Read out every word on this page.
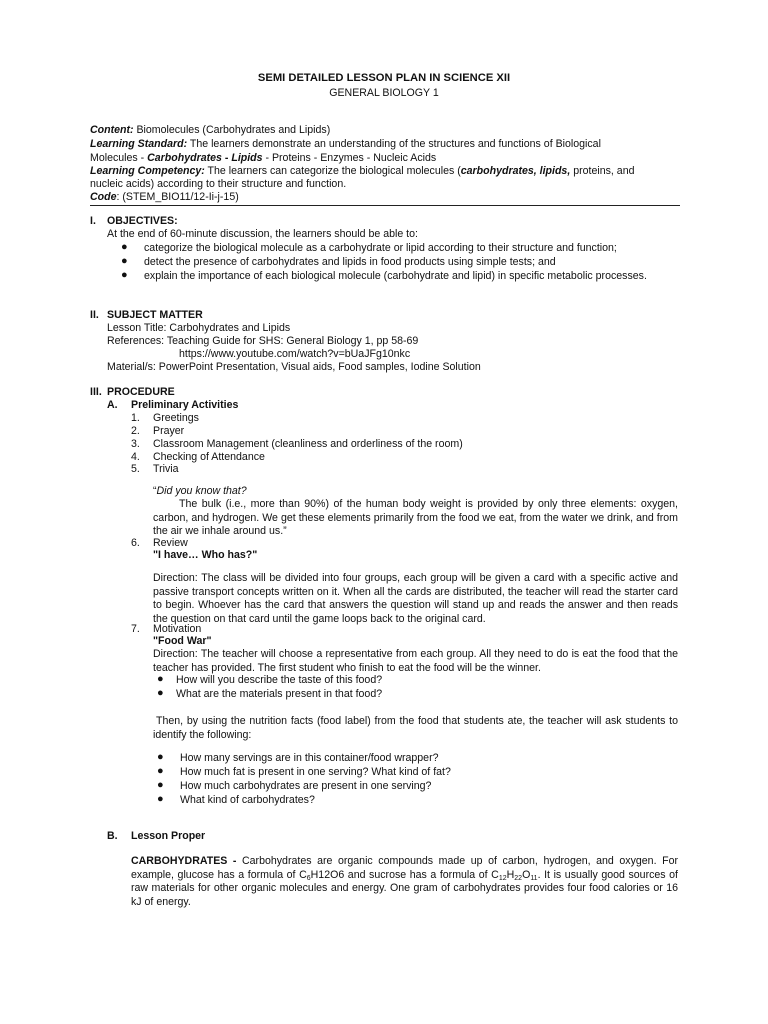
SEMI DETAILED LESSON PLAN IN SCIENCE XII
GENERAL BIOLOGY 1
Content: Biomolecules (Carbohydrates and Lipids)
Learning Standard: The learners demonstrate an understanding of the structures and functions of Biological
Molecules - Carbohydrates - Lipids - Proteins - Enzymes - Nucleic Acids
Learning Competency: The learners can categorize the biological molecules (carbohydrates, lipids, proteins, and
nucleic acids) according to their structure and function.
Code: (STEM_BIO11/12-Ii-j-15)
I. OBJECTIVES:
At the end of 60-minute discussion, the learners should be able to:
● categorize the biological molecule as a carbohydrate or lipid according to their structure and function;
● detect the presence of carbohydrates and lipids in food products using simple tests; and
● explain the importance of each biological molecule (carbohydrate and lipid) in specific metabolic processes.
II. SUBJECT MATTER
Lesson Title: Carbohydrates and Lipids
References: Teaching Guide for SHS: General Biology 1, pp 58-69
https://www.youtube.com/watch?v=bUaJFg10nkc
Material/s: PowerPoint Presentation, Visual aids, Food samples, Iodine Solution
III. PROCEDURE
A. Preliminary Activities
1. Greetings
2. Prayer
3. Classroom Management (cleanliness and orderliness of the room)
4. Checking of Attendance
5. Trivia
“Did you know that?
The bulk (i.e., more than 90%) of the human body weight is provided by only three elements: oxygen, carbon, and hydrogen. We get these elements primarily from the food we eat, from the water we drink, and from the air we inhale around us.”
6. Review
"I have… Who has?"
Direction: The class will be divided into four groups, each group will be given a card with a specific active and passive transport concepts written on it. When all the cards are distributed, the teacher will read the starter card to begin. Whoever has the card that answers the question will stand up and reads the answer and then reads the question on that card until the game loops back to the original card.
7. Motivation
"Food War"
Direction: The teacher will choose a representative from each group. All they need to do is eat the food that the teacher has provided. The first student who finish to eat the food will be the winner.
● How will you describe the taste of this food?
● What are the materials present in that food?
Then, by using the nutrition facts (food label) from the food that students ate, the teacher will ask students to identify the following:
● How many servings are in this container/food wrapper?
● How much fat is present in one serving? What kind of fat?
● How much carbohydrates are present in one serving?
● What kind of carbohydrates?
B. Lesson Proper
CARBOHYDRATES - Carbohydrates are organic compounds made up of carbon, hydrogen, and oxygen. For example, glucose has a formula of $C_6H12O6$ and sucrose has a formula of $C_{12}H_{22}O_{11}$. It is usually good sources of raw materials for other organic molecules and energy. One gram of carbohydrates provides four food calories or 16 kJ of energy.
